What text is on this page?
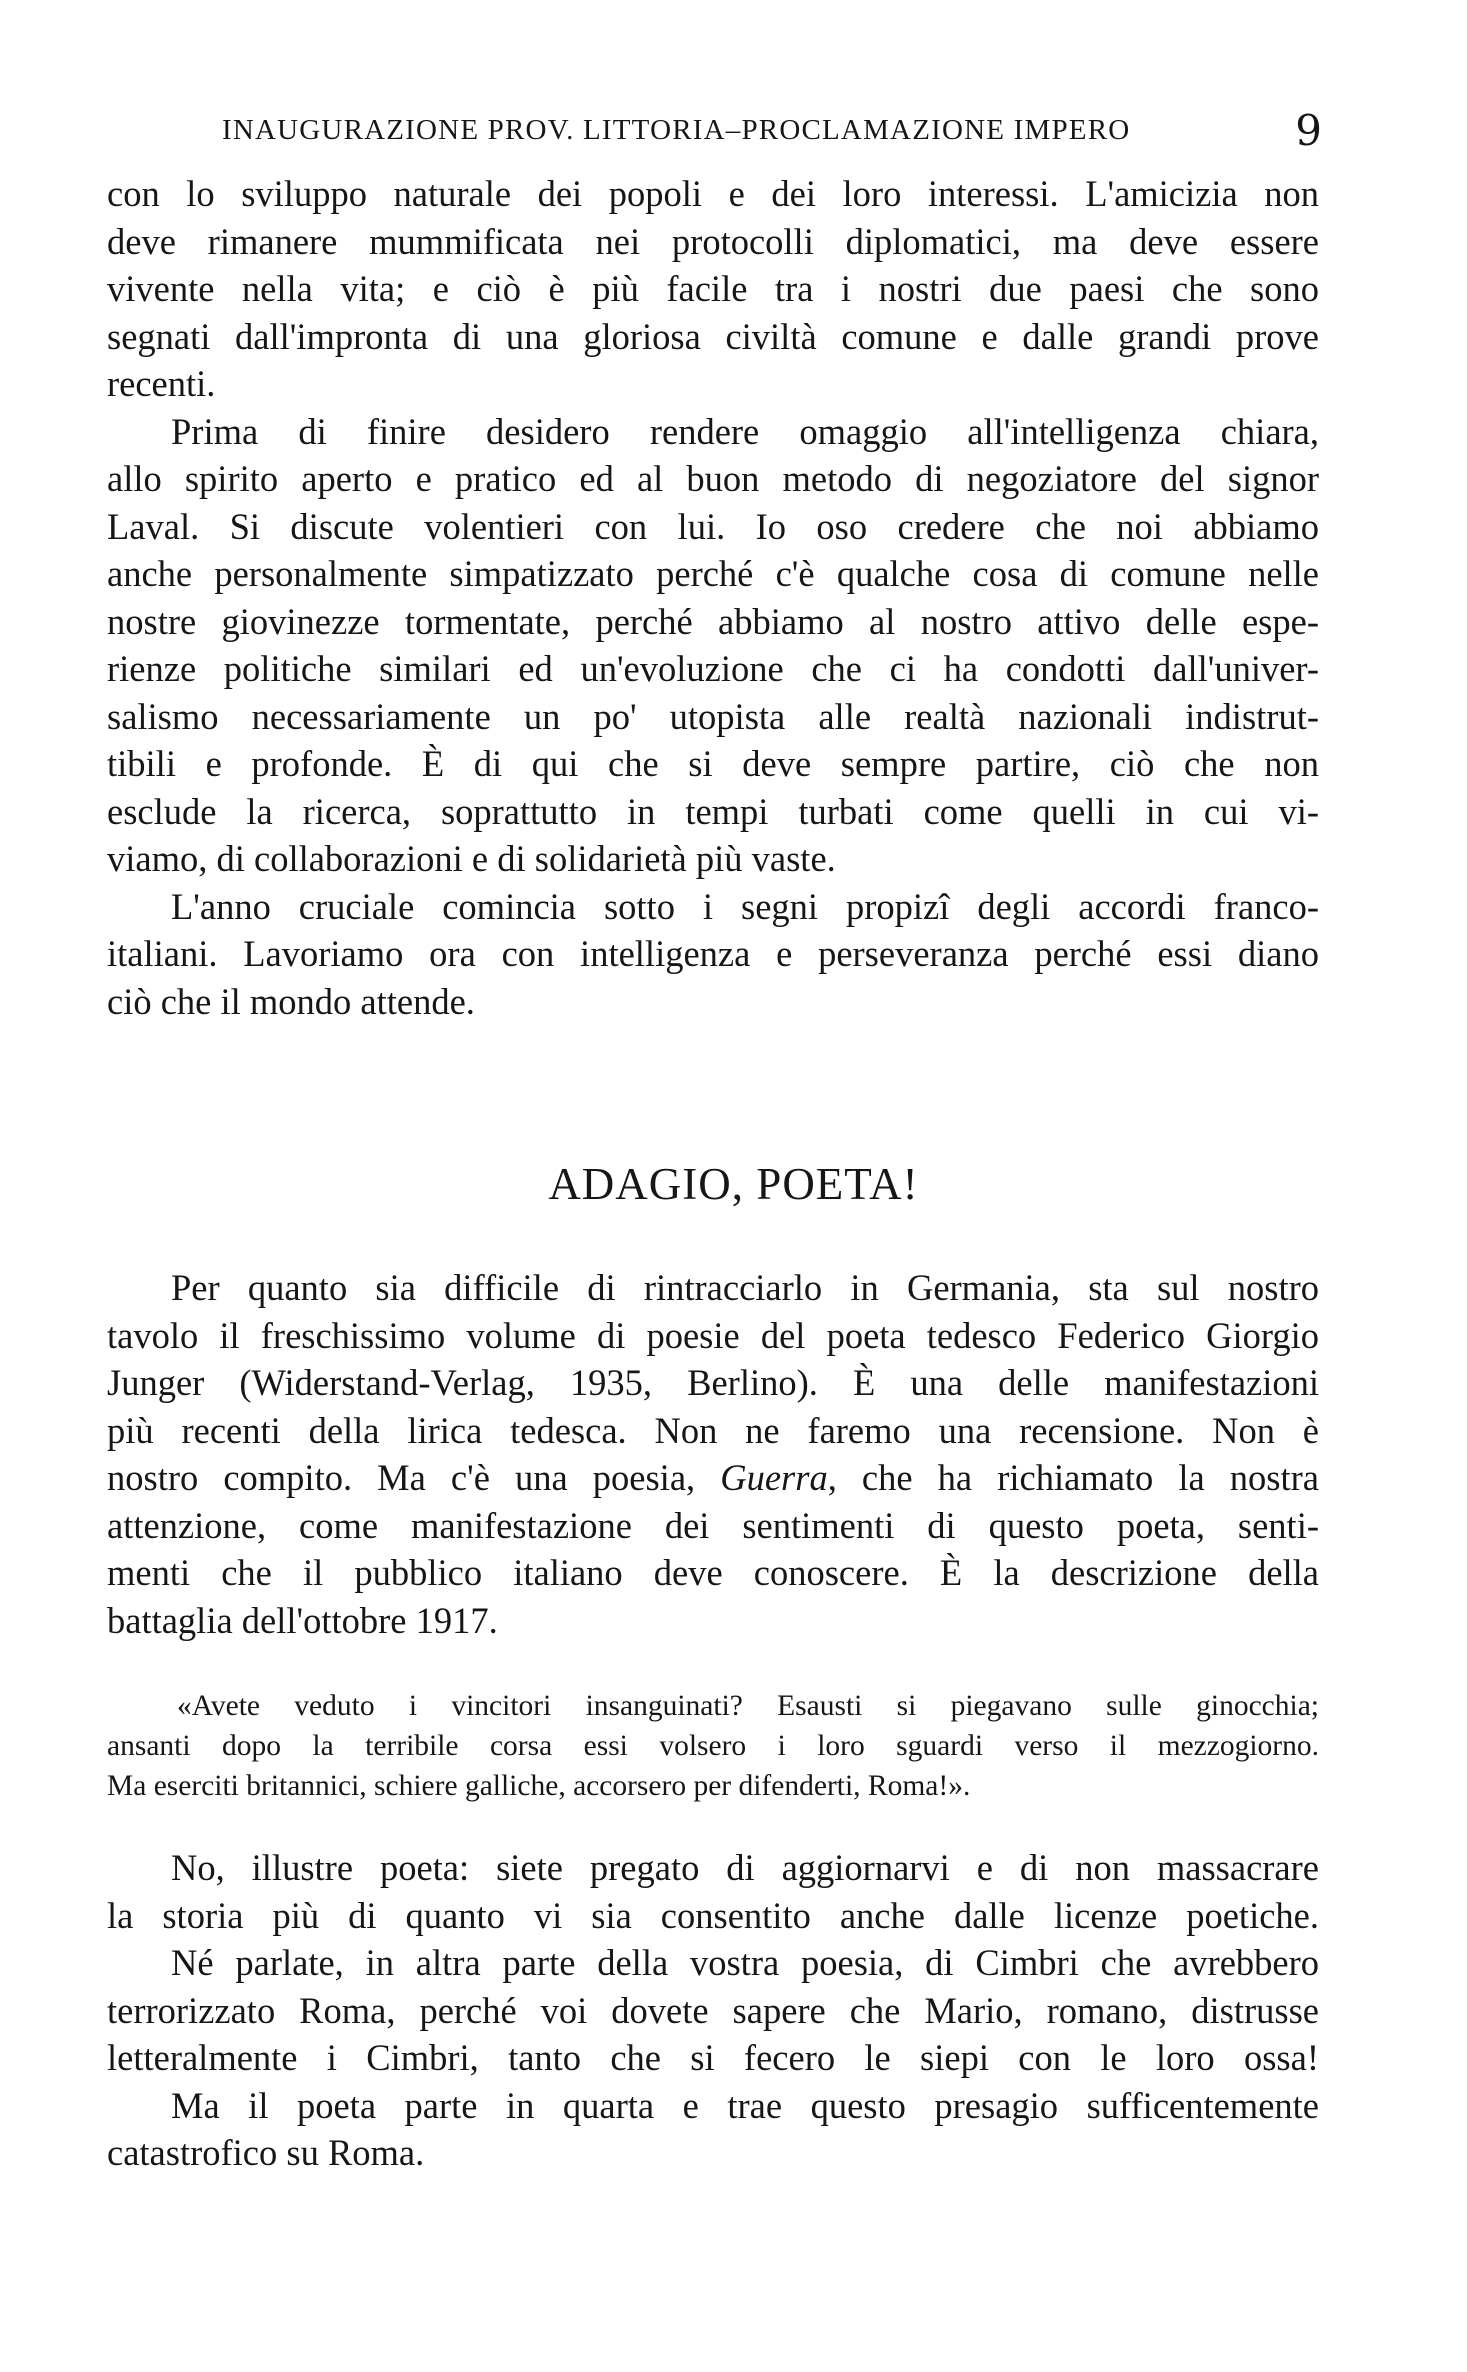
INAUGURAZIONE PROV. LITTORIA–PROCLAMAZIONE IMPERO	9
con lo sviluppo naturale dei popoli e dei loro interessi. L'amicizia non
deve rimanere mummificata nei protocolli diplomatici, ma deve essere
vivente nella vita; e ciò è più facile tra i nostri due paesi che sono
segnati dall'impronta di una gloriosa civiltà comune e dalle grandi prove
recenti.
Prima di finire desidero rendere omaggio all'intelligenza chiara,
allo spirito aperto e pratico ed al buon metodo di negoziatore del signor
Laval. Si discute volentieri con lui. Io oso credere che noi abbiamo
anche personalmente simpatizzato perché c'è qualche cosa di comune nelle
nostre giovinezze tormentate, perché abbiamo al nostro attivo delle espe-
rienze politiche similari ed un'evoluzione che ci ha condotti dall'univer-
salismo necessariamente un po' utopista alle realtà nazionali indistrut-
tibili e profonde. È di qui che si deve sempre partire, ciò che non
esclude la ricerca, soprattutto in tempi turbati come quelli in cui vi-
viamo, di collaborazioni e di solidarietà più vaste.
L'anno cruciale comincia sotto i segni propizî degli accordi franco-
italiani. Lavoriamo ora con intelligenza e perseveranza perché essi diano
ciò che il mondo attende.
ADAGIO, POETA!
Per quanto sia difficile di rintracciarlo in Germania, sta sul nostro
tavolo il freschissimo volume di poesie del poeta tedesco Federico Giorgio
Junger (Widerstand-Verlag, 1935, Berlino). È una delle manifestazioni
più recenti della lirica tedesca. Non ne faremo una recensione. Non è
nostro compito. Ma c'è una poesia, Guerra, che ha richiamato la nostra
attenzione, come manifestazione dei sentimenti di questo poeta, senti-
menti che il pubblico italiano deve conoscere. È la descrizione della
battaglia dell'ottobre 1917.
«Avete veduto i vincitori insanguinati? Esausti si piegavano sulle ginocchia;
ansanti dopo la terribile corsa essi volsero i loro sguardi verso il mezzogiorno.
Ma eserciti britannici, schiere galliche, accorsero per difenderti, Roma!».
No, illustre poeta: siete pregato di aggiornarvi e di non massacrare
la storia più di quanto vi sia consentito anche dalle licenze poetiche.
Né parlate, in altra parte della vostra poesia, di Cimbri che avrebbero
terrorizzato Roma, perché voi dovete sapere che Mario, romano, distrusse
letteralmente i Cimbri, tanto che si fecero le siepi con le loro ossa!
Ma il poeta parte in quarta e trae questo presagio sufficentemente
catastrofico su Roma.
